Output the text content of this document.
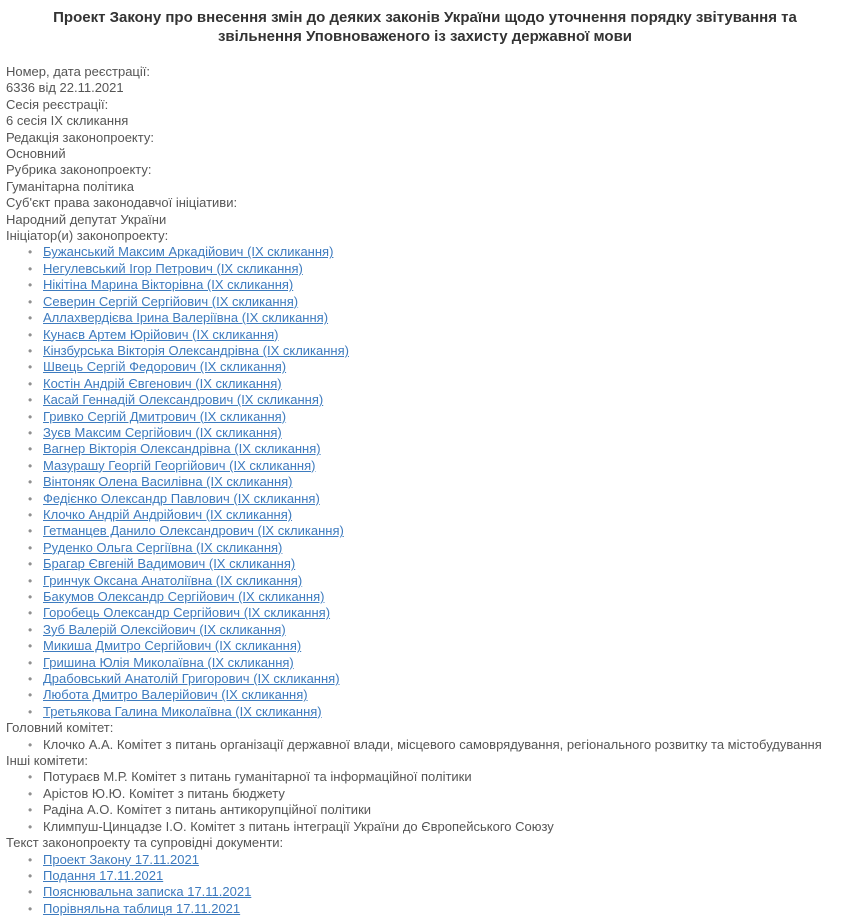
Проект Закону про внесення змін до деяких законів України щодо уточнення порядку звітування та звільнення Уповноваженого із захисту державної мови
Номер, дата реєстрації:
6336 від 22.11.2021
Сесія реєстрації:
6 сесія IX скликання
Редакція законопроекту:
Основний
Рубрика законопроекту:
Гуманітарна політика
Суб'єкт права законодавчої ініціативи:
Народний депутат України
Ініціатор(и) законопроекту:
• Бужанський Максим Аркадійович (IX скликання)
• Негулевський Ігор Петрович (IX скликання)
• Нікітіна Марина Вікторівна (IX скликання)
• Северин Сергій Сергійович (IX скликання)
• Аллахвердієва Ірина Валеріївна (IX скликання)
• Кунаєв Артем Юрійович (IX скликання)
• Кінзбурська Вікторія Олександрівна (IX скликання)
• Швець Сергій Федорович (IX скликання)
• Костін Андрій Євгенович (IX скликання)
• Касай Геннадій Олександрович (IX скликання)
• Гривко Сергій Дмитрович (IX скликання)
• Зуєв Максим Сергійович (IX скликання)
• Вагнер Вікторія Олександрівна (IX скликання)
• Мазурашу Георгій Георгійович (IX скликання)
• Вінтоняк Олена Василівна (IX скликання)
• Федієнко Олександр Павлович (IX скликання)
• Клочко Андрій Андрійович (IX скликання)
• Гетманцев Данило Олександрович (IX скликання)
• Руденко Ольга Сергіївна (IX скликання)
• Брагар Євгеній Вадимович (IX скликання)
• Гринчук Оксана Анатоліївна (IX скликання)
• Бакумов Олександр Сергійович (IX скликання)
• Горобець Олександр Сергійович (IX скликання)
• Зуб Валерій Олексійович (IX скликання)
• Микиша Дмитро Сергійович (IX скликання)
• Гришина Юлія Миколаївна (IX скликання)
• Драбовський Анатолій Григорович (IX скликання)
• Любота Дмитро Валерійович (IX скликання)
• Третьякова Галина Миколаївна (IX скликання)
Головний комітет:
• Клочко А.А. Комітет з питань організації державної влади, місцевого самоврядування, регіонального розвитку та містобудування
Інші комітети:
• Потураєв М.Р. Комітет з питань гуманітарної та інформаційної політики
• Арістов Ю.Ю. Комітет з питань бюджету
• Радіна А.О. Комітет з питань антикорупційної політики
• Климпуш-Цинцадзе І.О. Комітет з питань інтеграції України до Європейського Союзу
Текст законопроекту та супровідні документи:
• Проект Закону 17.11.2021
• Подання 17.11.2021
• Пояснювальна записка 17.11.2021
• Порівняльна таблиця 17.11.2021
